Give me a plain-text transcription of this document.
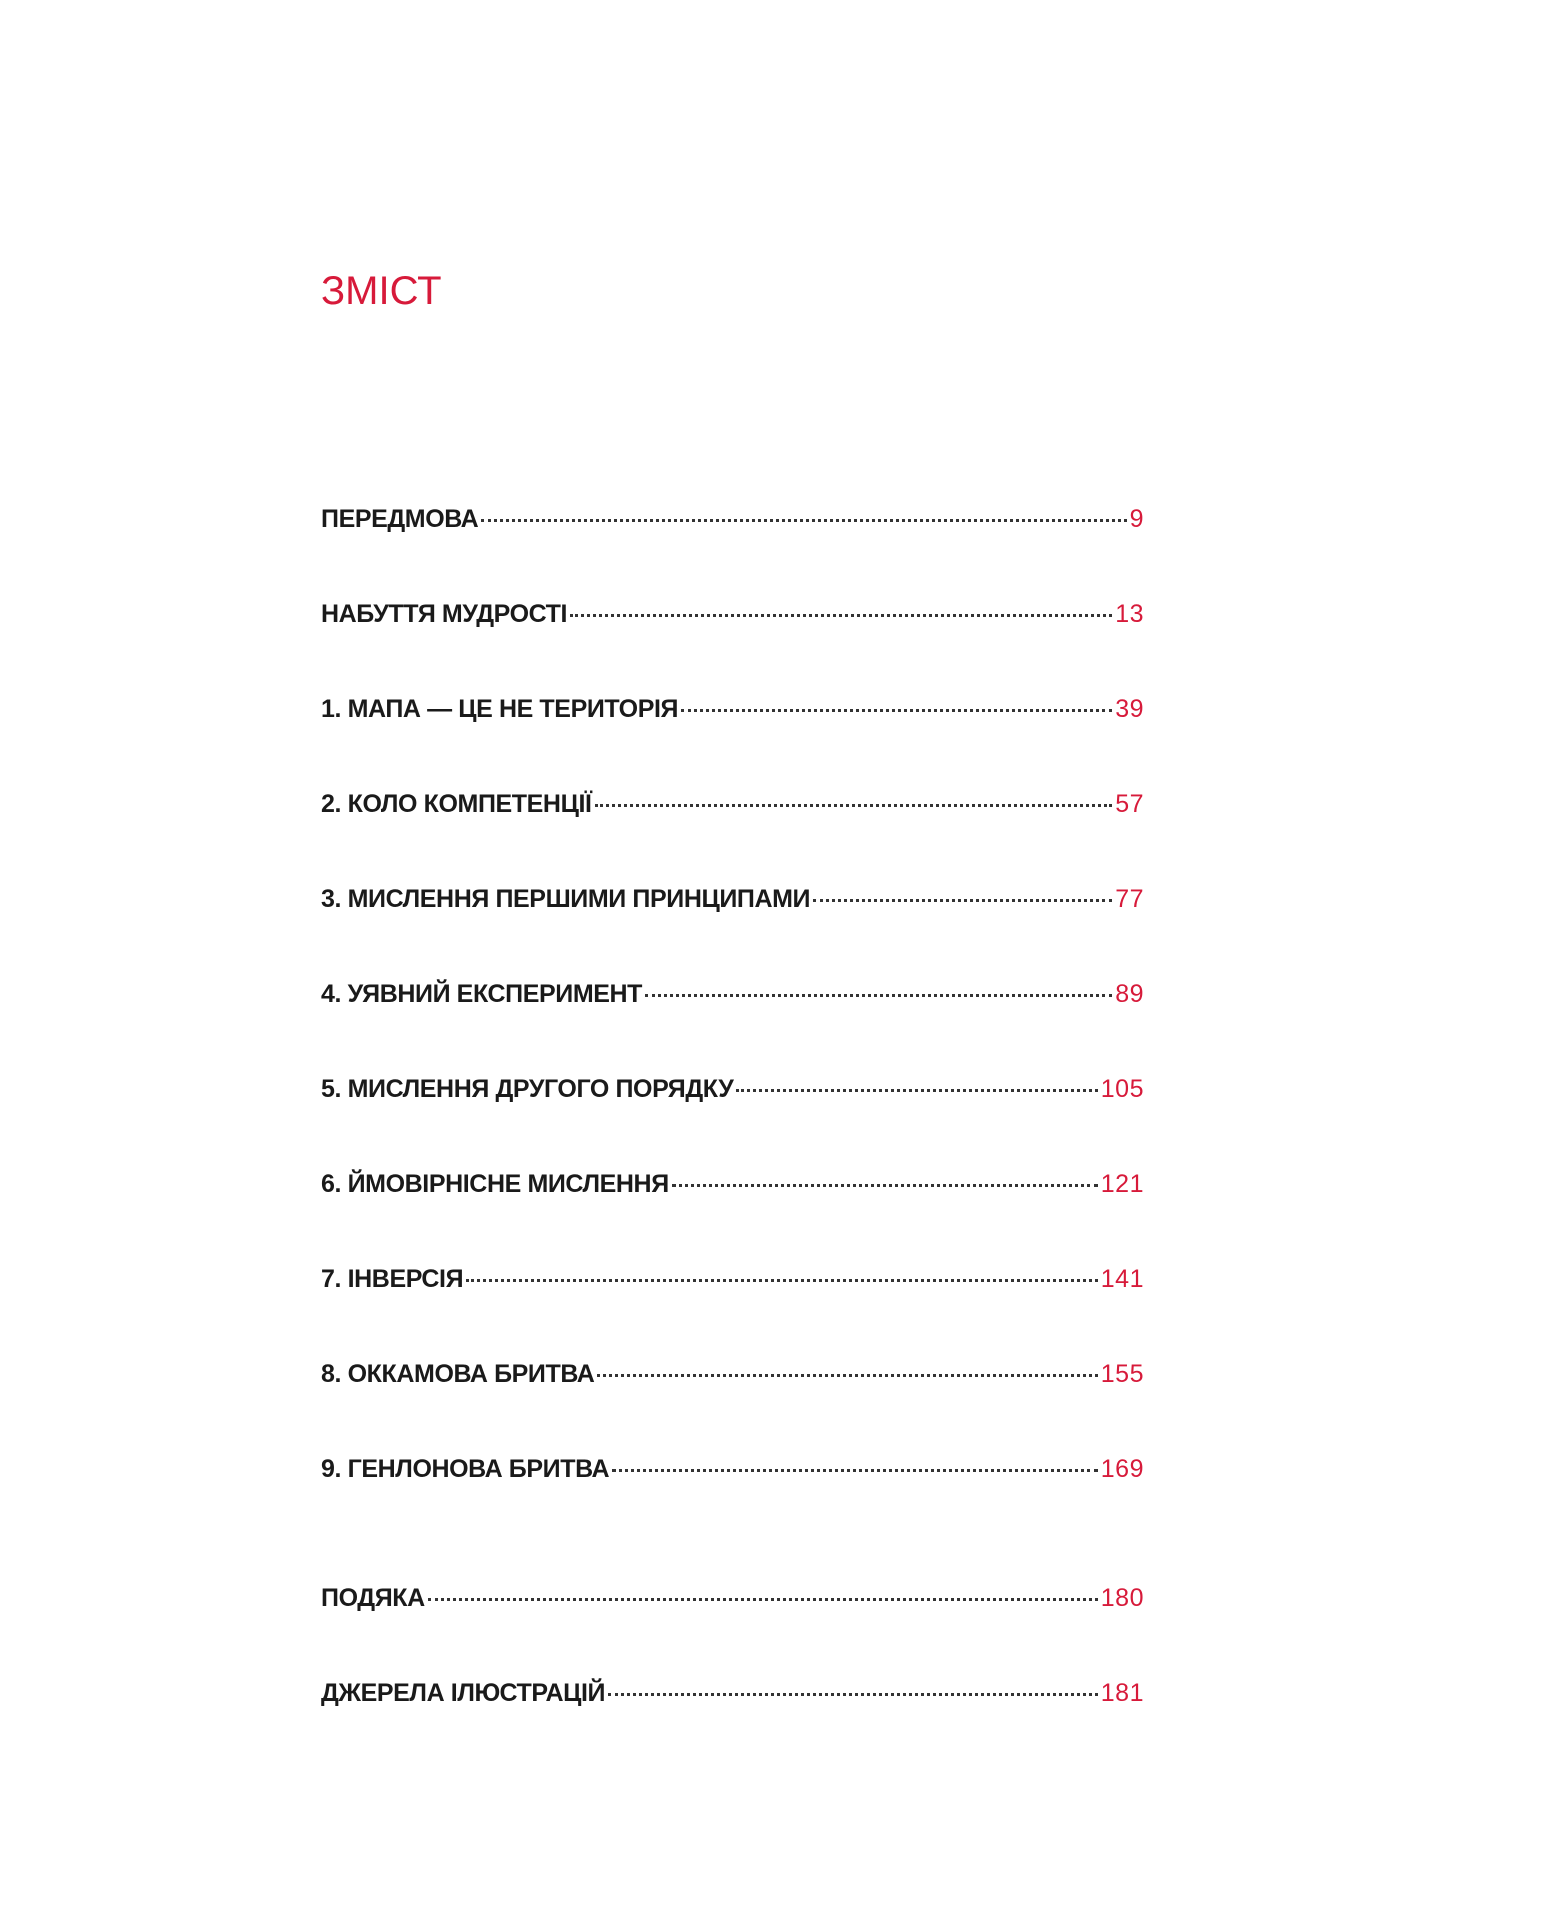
ЗМІСТ
ПЕРЕДМОВА	9
НАБУТТЯ МУДРОСТІ	13
1. МАПА — ЦЕ НЕ ТЕРИТОРІЯ	39
2. КОЛО КОМПЕТЕНЦІЇ	57
3. МИСЛЕННЯ ПЕРШИМИ ПРИНЦИПАМИ	77
4. УЯВНИЙ ЕКСПЕРИМЕНТ	89
5. МИСЛЕННЯ ДРУГОГО ПОРЯДКУ	105
6. ЙМОВІРНІСНЕ МИСЛЕННЯ	121
7. ІНВЕРСІЯ	141
8. ОККАМОВА БРИТВА	155
9. ГЕНЛОНОВА БРИТВА	169
ПОДЯКА	180
ДЖЕРЕЛА ІЛЮСТРАЦІЙ	181
